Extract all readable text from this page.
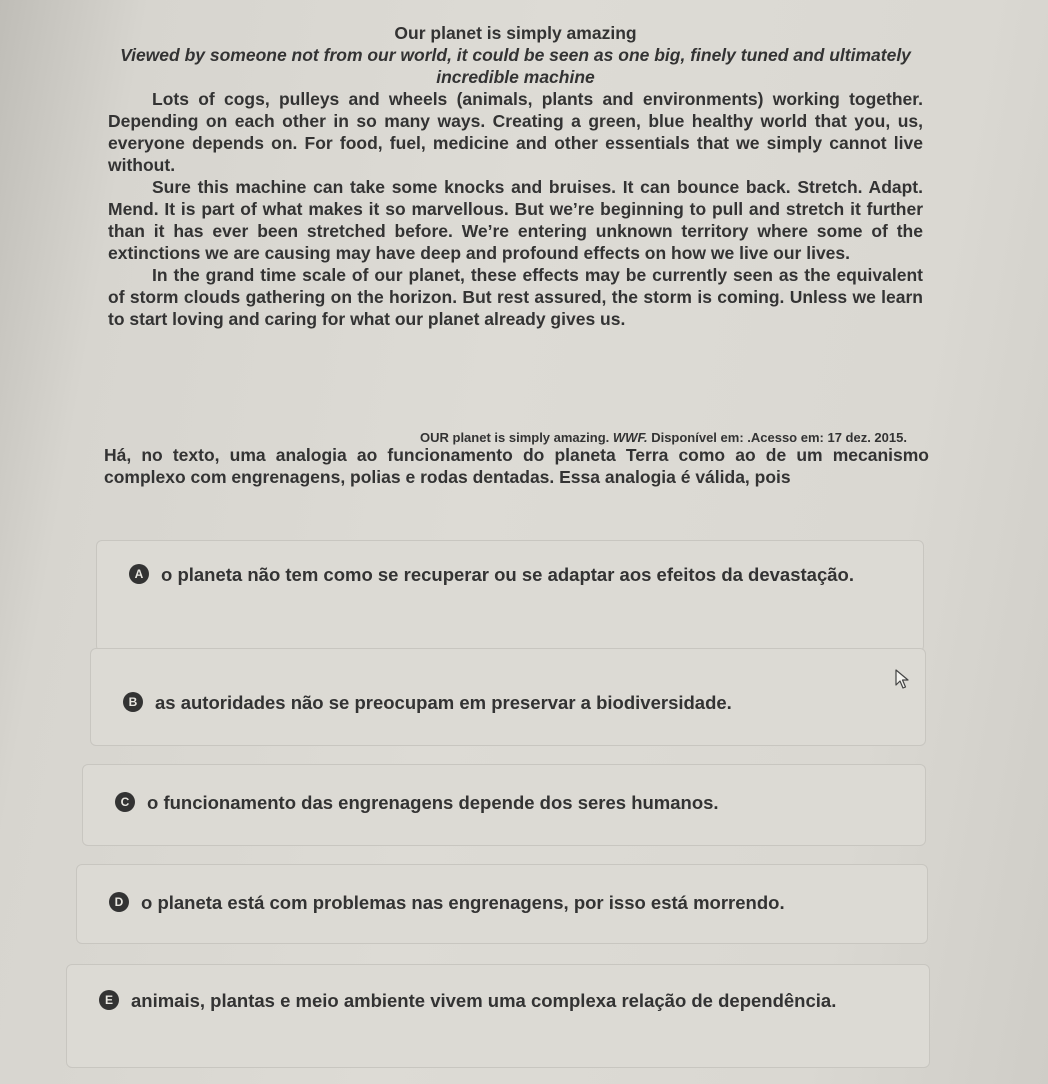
Our planet is simply amazing

Viewed by someone not from our world, it could be seen as one big, finely tuned and ultimately incredible machine

Lots of cogs, pulleys and wheels (animals, plants and environments) working together. Depending on each other in so many ways. Creating a green, blue healthy world that you, us, everyone depends on. For food, fuel, medicine and other essentials that we simply cannot live without.

Sure this machine can take some knocks and bruises. It can bounce back. Stretch. Adapt. Mend. It is part of what makes it so marvellous. But we’re beginning to pull and stretch it further than it has ever been stretched before. We’re entering unknown territory where some of the extinctions we are causing may have deep and profound effects on how we live our lives.

In the grand time scale of our planet, these effects may be currently seen as the equivalent of storm clouds gathering on the horizon. But rest assured, the storm is coming. Unless we learn to start loving and caring for what our planet already gives us.

OUR planet is simply amazing. WWF. Disponível em: .Acesso em: 17 dez. 2015.

Há, no texto, uma analogia ao funcionamento do planeta Terra como ao de um mecanismo complexo com engrenagens, polias e rodas dentadas. Essa analogia é válida, pois

A o planeta não tem como se recuperar ou se adaptar aos efeitos da devastação.
B as autoridades não se preocupam em preservar a biodiversidade.
C o funcionamento das engrenagens depende dos seres humanos.
D o planeta está com problemas nas engrenagens, por isso está morrendo.
E animais, plantas e meio ambiente vivem uma complexa relação de dependência.
